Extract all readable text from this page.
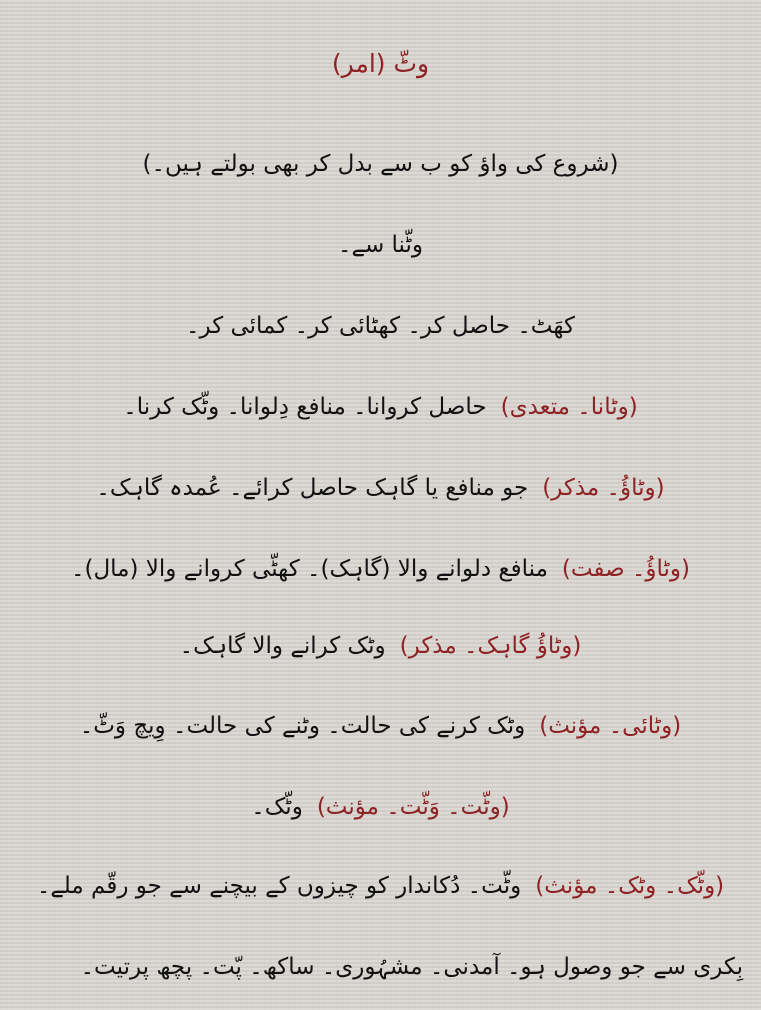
وٹّ (امر)
(شروع کی واؤ کو ب سے بدل کر بھی بولتے ہیں۔)
وٹّنا سے۔
کھَٹ۔ حاصل کر۔ کھٹائی کر۔ کمائی کر۔
(وٹانا۔ متعدی)حاصل کروانا۔ منافع دِلوانا۔ وٹّک کرنا۔
(وٹاؤُ۔ مذکر)جو منافع یا گاہک حاصل کرائے۔ عُمدہ گاہک۔
(وٹاؤُ۔ صفت)منافع دلوانے والا (گاہک)۔ کھٹّی کروانے والا (مال)۔
(وٹاؤُ گاہک۔ مذکر)وٹک کرانے والا گاہک۔
(وٹائی۔ مؤنث)وٹک کرنے کی حالت۔ وٹنے کی حالت۔ وِیچ وَٹّ۔
(وٹّت۔ وَٹّت۔ مؤنث)وٹّک۔
(وٹّک۔ وٹک۔ مؤنث)وٹّت۔ دُکاندار کو چیزوں کے بیچنے سے جو رقّم ملے۔
بِکری سے جو وصول ہو۔ آمدنی۔ مشہُوری۔ ساکھ۔ پّت۔ پچھ پرتیت۔
